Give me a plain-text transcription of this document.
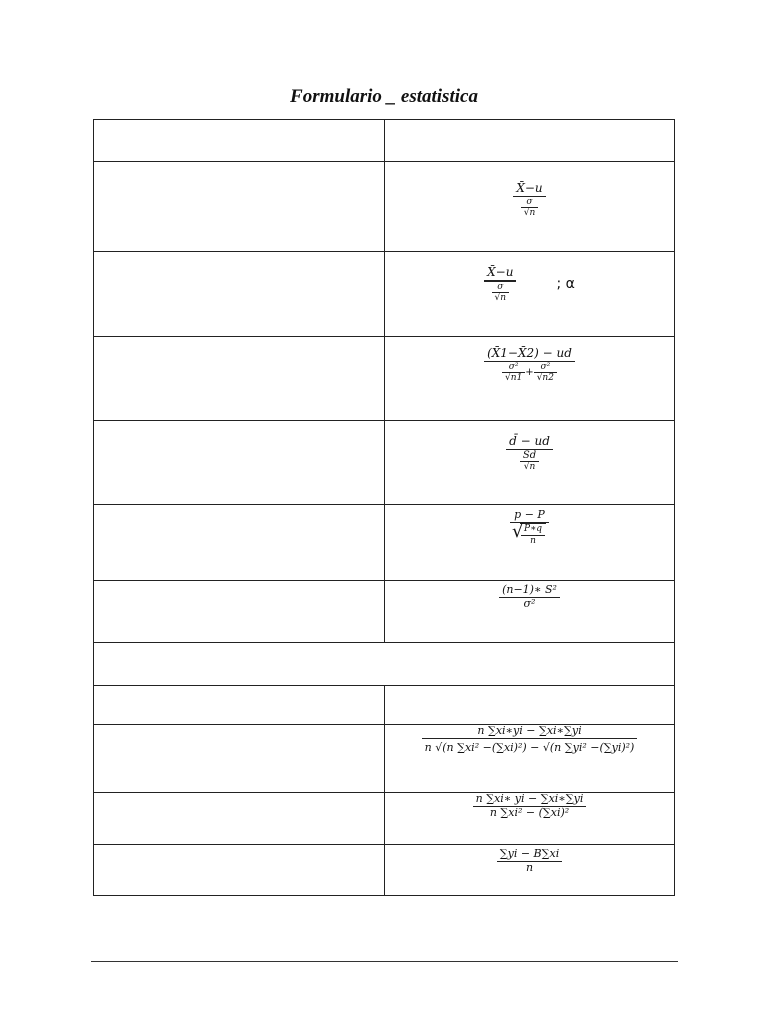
Formulario _ estatistica
$\frac{X̄-u}{\frac{\sigma}{√n}}$
$\frac{X̄-u}{\frac{\sigma}{√n}}$	; α
(X̄1−X̄2) − ud
$\frac{\text{σ²}}{√n1} + \frac{\text{σ²}}{√n2}$
$\frac{d̄ - ud}{\frac{Sd}{√n}}$
p − P
√ $\frac{P∗q}{n}$
$\frac{\text{(n−1)∗ S²}}{\text{σ²}}$
$\frac{n \sum xi∗yi - \sum xi∗\sum yi}{\text{n √(n ∑xi² −(∑xi)²) − √(n ∑yi² −(∑yi)²)}}$
$\frac{n \sum xi∗ yi - \sum xi∗\sum yi}{\text{n ∑xi² − (∑xi)²}}$
$\frac{\sum yi - B\sum xi}{n}$
